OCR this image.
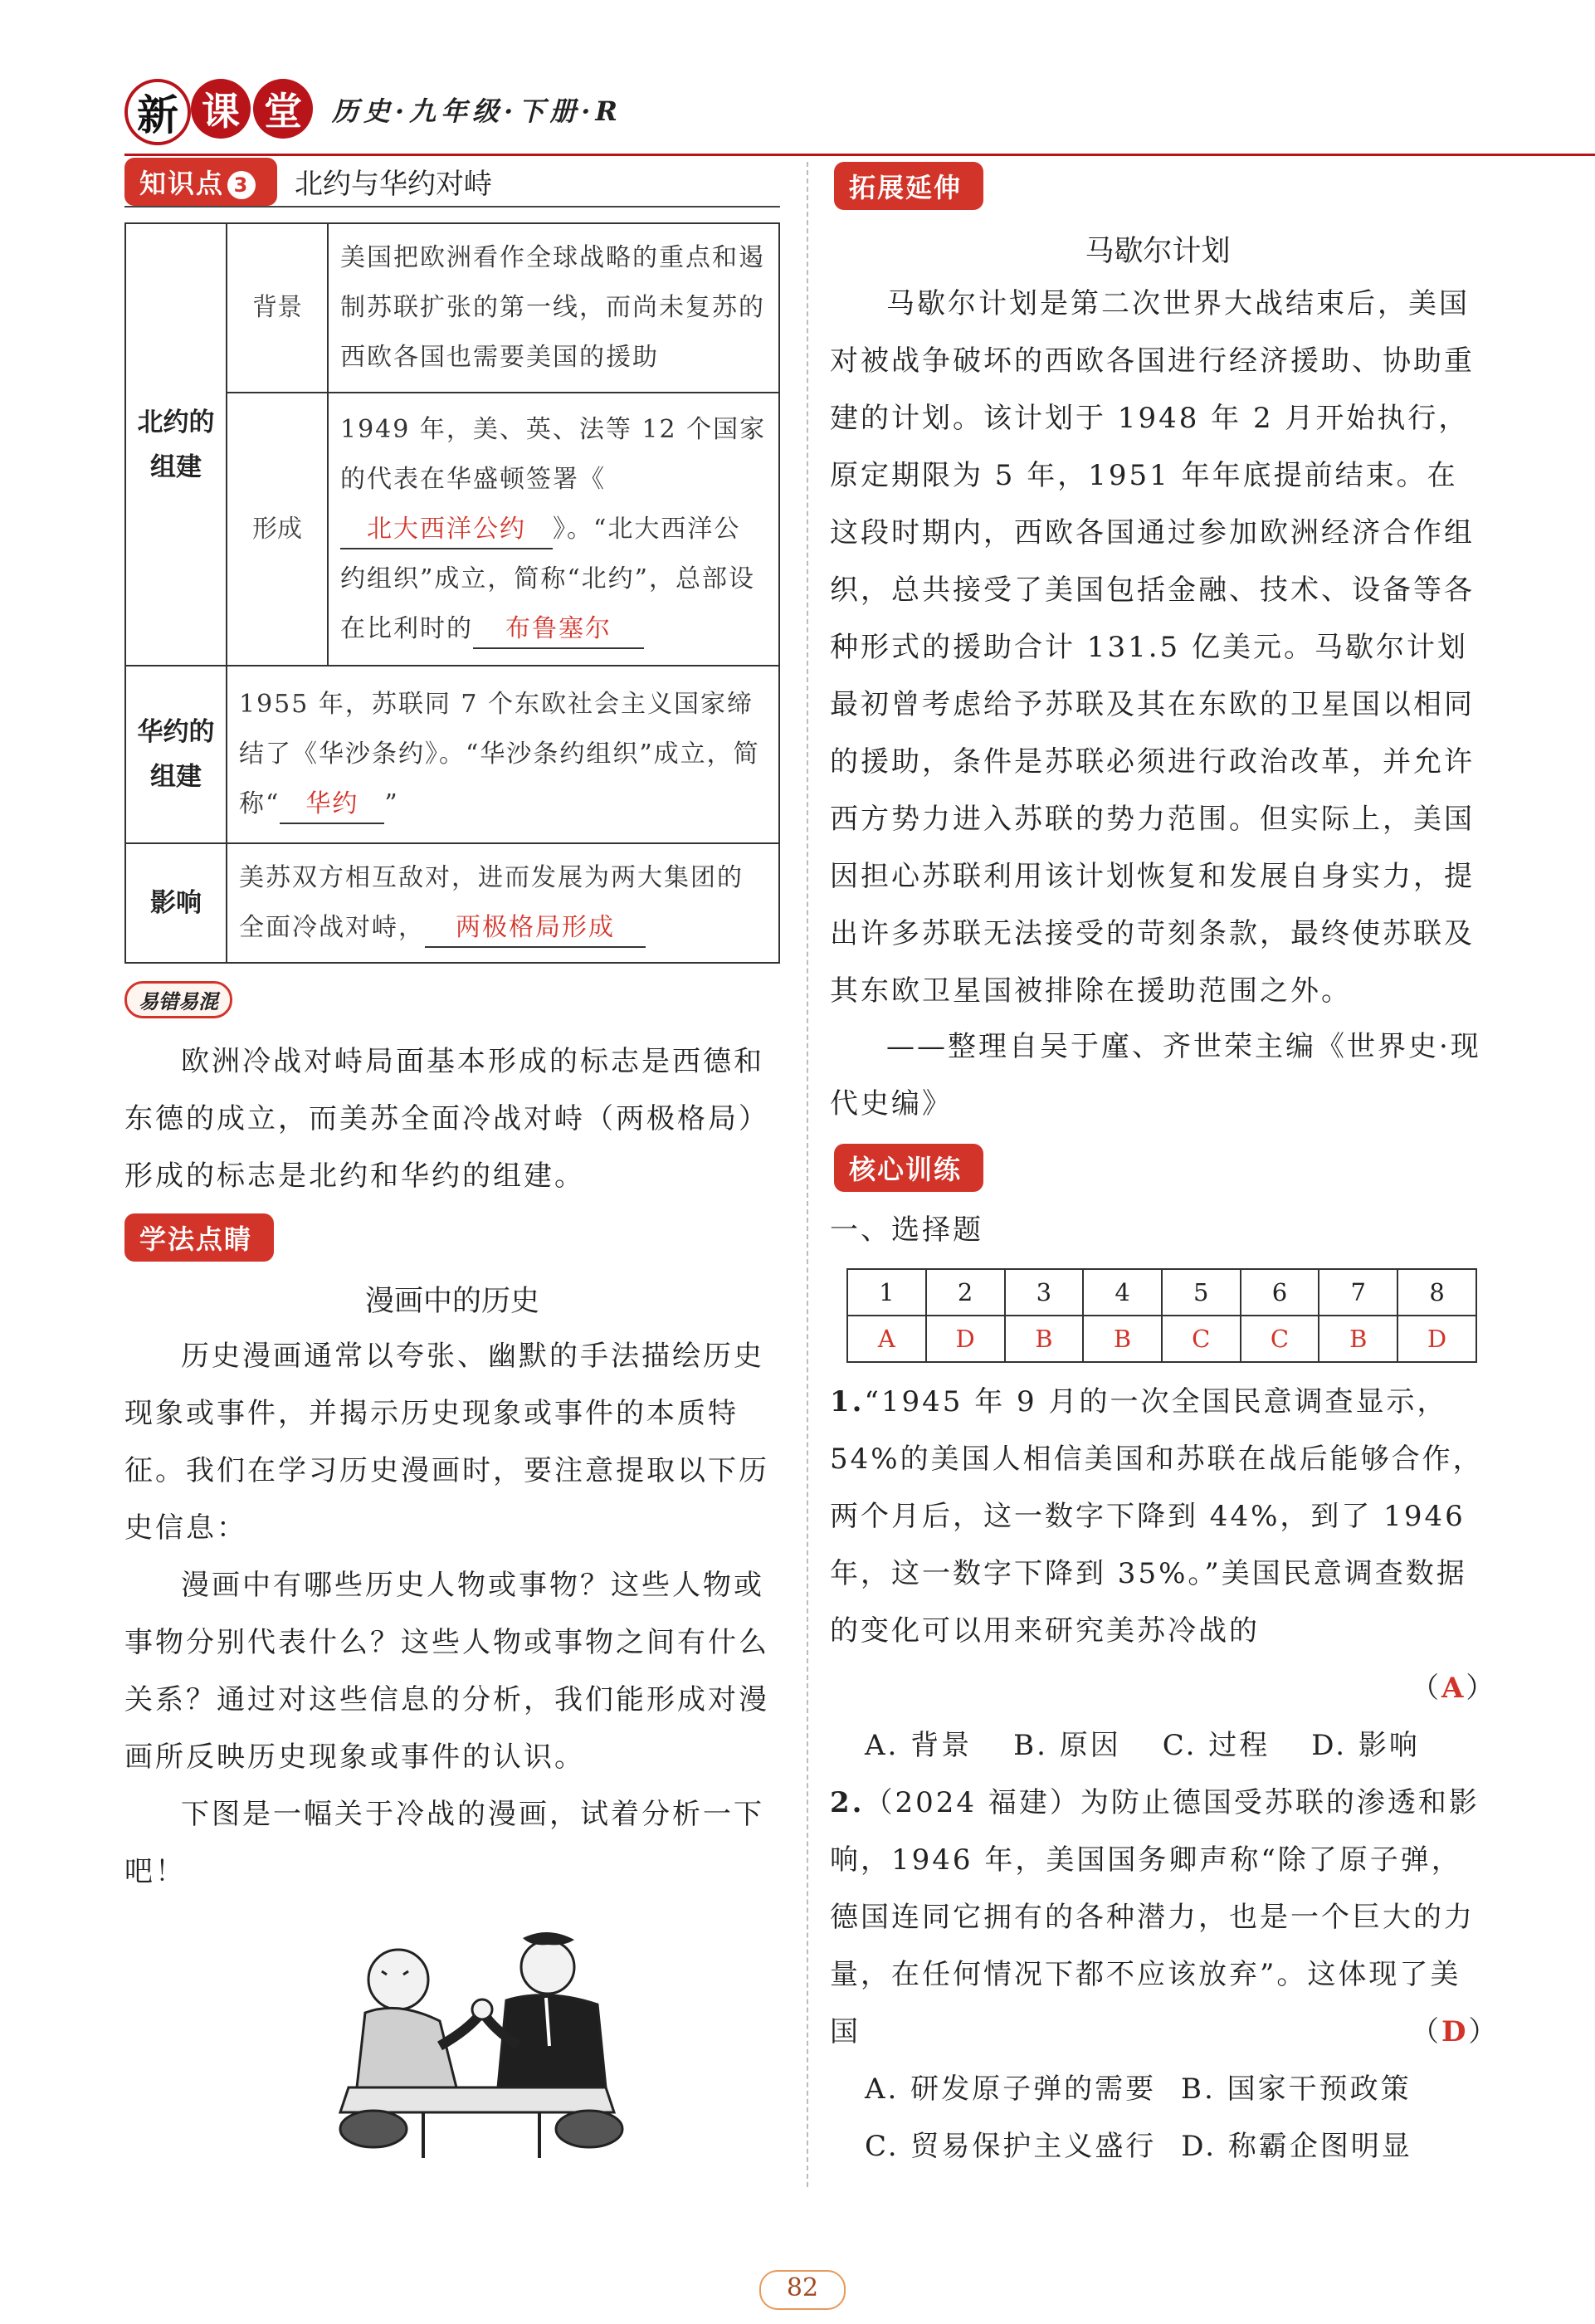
新 课 堂	历史·九年级·下册·R
知识点 3	北约与华约对峙
北约的组建	背景	美国把欧洲看作全球战略的重点和遏制苏联扩张的第一线，而尚未复苏的西欧各国也需要美国的援助
	形成	1949 年，美、英、法等 12 个国家的代表在华盛顿签署《北大西洋公约 》。“北大西洋公约组织”成立，简称“北约”，总部设在比利时的 布鲁塞尔
华约的组建	1955 年，苏联同 7 个东欧社会主义国家缔结了《华沙条约》。“华沙条约组织”成立，简称“ 华约 ”	
影响	美苏双方相互敌对，进而发展为两大集团的全面冷战对峙， 两极格局形成	
易错易混
欧洲冷战对峙局面基本形成的标志是西德和东德的成立，而美苏全面冷战对峙（两极格局）形成的标志是北约和华约的组建。
学法点睛
漫画中的历史
历史漫画通常以夸张、幽默的手法描绘历史现象或事件，并揭示历史现象或事件的本质特征。我们在学习历史漫画时，要注意提取以下历史信息：
漫画中有哪些历史人物或事物？这些人物或事物分别代表什么？这些人物或事物之间有什么关系？通过对这些信息的分析，我们能形成对漫画所反映历史现象或事件的认识。
下图是一幅关于冷战的漫画，试着分析一下吧！
拓展延伸
马歇尔计划
马歇尔计划是第二次世界大战结束后，美国对被战争破坏的西欧各国进行经济援助、协助重建的计划。该计划于 1948 年 2 月开始执行，原定期限为 5 年，1951 年年底提前结束。在这段时期内，西欧各国通过参加欧洲经济合作组织，总共接受了美国包括金融、技术、设备等各种形式的援助合计 131.5 亿美元。马歇尔计划最初曾考虑给予苏联及其在东欧的卫星国以相同的援助，条件是苏联必须进行政治改革，并允许西方势力进入苏联的势力范围。但实际上，美国因担心苏联利用该计划恢复和发展自身实力，提出许多苏联无法接受的苛刻条款，最终使苏联及其东欧卫星国被排除在援助范围之外。
——整理自吴于廑、齐世荣主编《世界史·现代史编》
核心训练
一、选择题
1	2	3	4	5	6	7	8
A	D	B	B	C	C	B	D
1.“1945 年 9 月的一次全国民意调查显示，54%的美国人相信美国和苏联在战后能够合作，两个月后，这一数字下降到 44%，到了 1946 年，这一数字下降到 35%。”美国民意调查数据的变化可以用来研究美苏冷战的
（A）
A. 背景 B. 原因 C. 过程 D. 影响
2.（2024 福建）为防止德国受苏联的渗透和影响，1946 年，美国国务卿声称“除了原子弹，德国连同它拥有的各种潜力，也是一个巨大的力量，在任何情况下都不应该放弃”。这体现了美国	（D）
A. 研发原子弹的需要 B. 国家干预政策
C. 贸易保护主义盛行 D. 称霸企图明显
82
